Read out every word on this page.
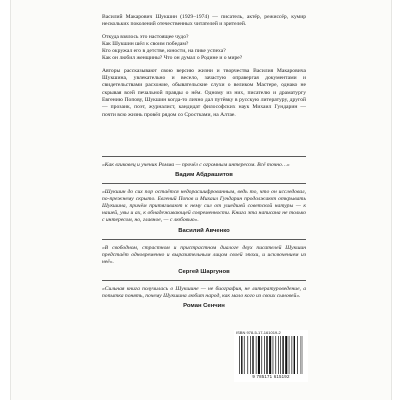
Василий Макарович Шукшин (1929–1974) — писатель, актёр, режиссёр, кумир нескольких поколений отечественных читателей и зрителей.

Откуда взялось это настоящее чудо?

Как Шукшин шёл к своим победам?

Кто окружал его в детстве, юности, на пике успеха?

Как он любил женщины? Что он думал о Родине и о мире?

Авторы рассказывают свою версию жизни и творчества Василия Макаровича Шукшина, увлекательно и весело, зачастую оправергая документами и свидетельствами расхожие, обывательские слухи о великом Мастере, однако не скрывая всей печальной правды о нём. Одному из них, писателю и драматургу Евгению Попову, Шукшин когда-то лично дал путёвку в русскую литературу, другой — прозаик, поэт, журналист, кандидат философских наук Михаил Гундарин — почти всю жизнь провёл рядом со Сростками, на Алтае.

«Как вгиковец и ученик Ромма — прочёл с огромным интересом. Всё точно…»

Вадим Абдрашитов

«Шукшин до сих пор остаётся недорасшифрованным, ведь то, что он исследовал, по-прежнему скрыто. Евгений Попов и Михаил Гундарин продолжают открывать Шукшина, причём притягивают к нему сил от ушедшей советской натуры — к нашей, увы и ах, к обнадеживающей современности. Книга эта написана не только с интересом, но, главное, — с любовью».

Василий Авченко

«В свободном, страстном и пристрастном диалоге двух писателей Шукшин предстаёт одновременно и выразительным лицом своей эпохи, и исключением из неё».

Сергей Шаргунов

«Сильная книга получилась о Шукшине — не биография, не литературоведение, а попытка понять, почему Шукшина любит народ, как мало кого из своих сыновей».

Роман Сенчин

ISBN 978-5-17-161019-2
9 785171 615192
